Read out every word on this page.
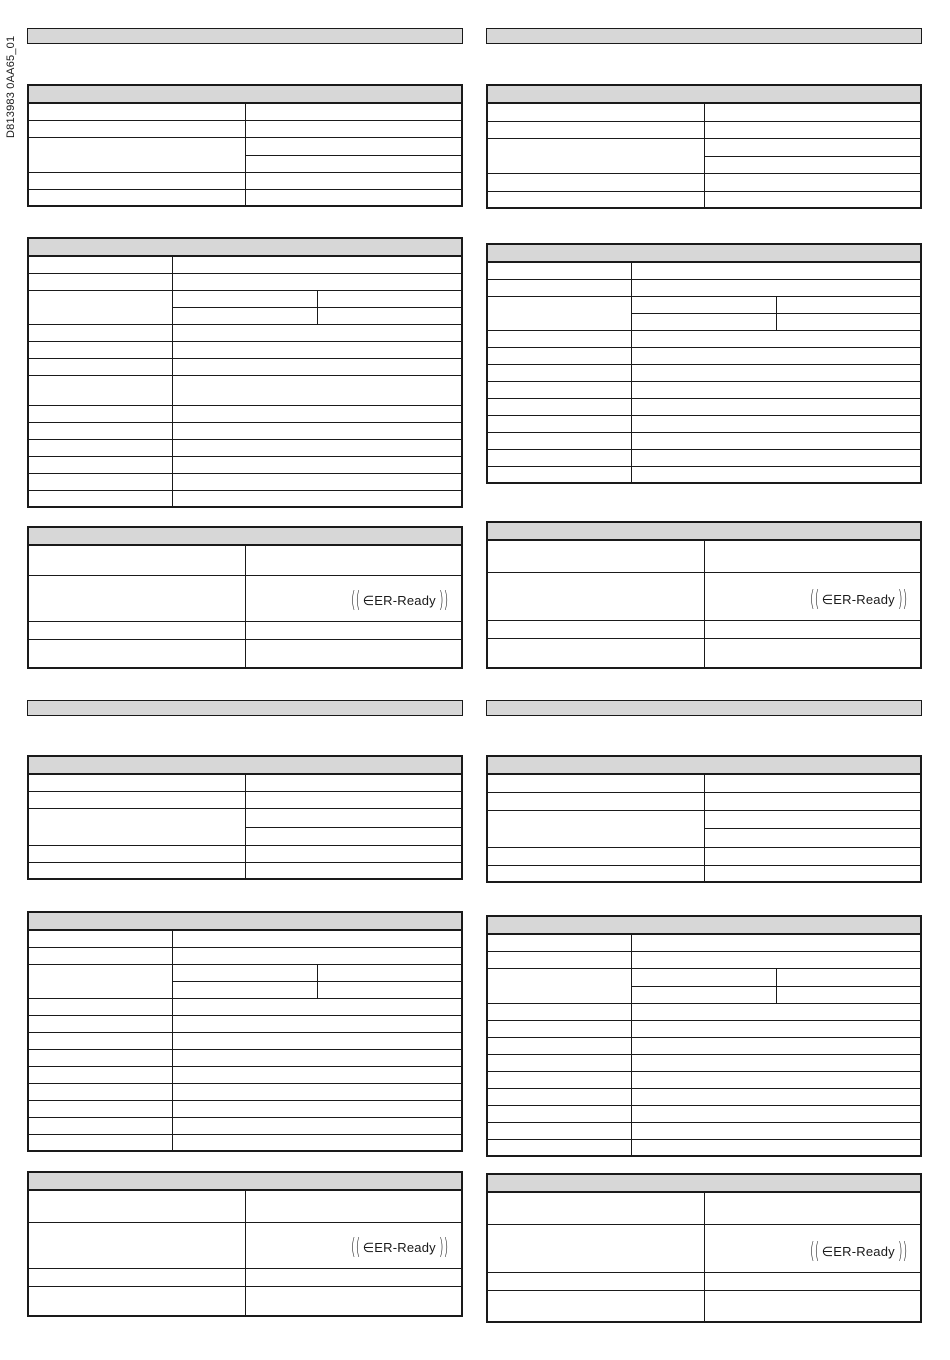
D813983 0AA65_01

	(( ∈ER-Ready ))

	(( ∈ER-Ready ))

	(( ∈ER-Ready ))

	(( ∈ER-Ready ))
